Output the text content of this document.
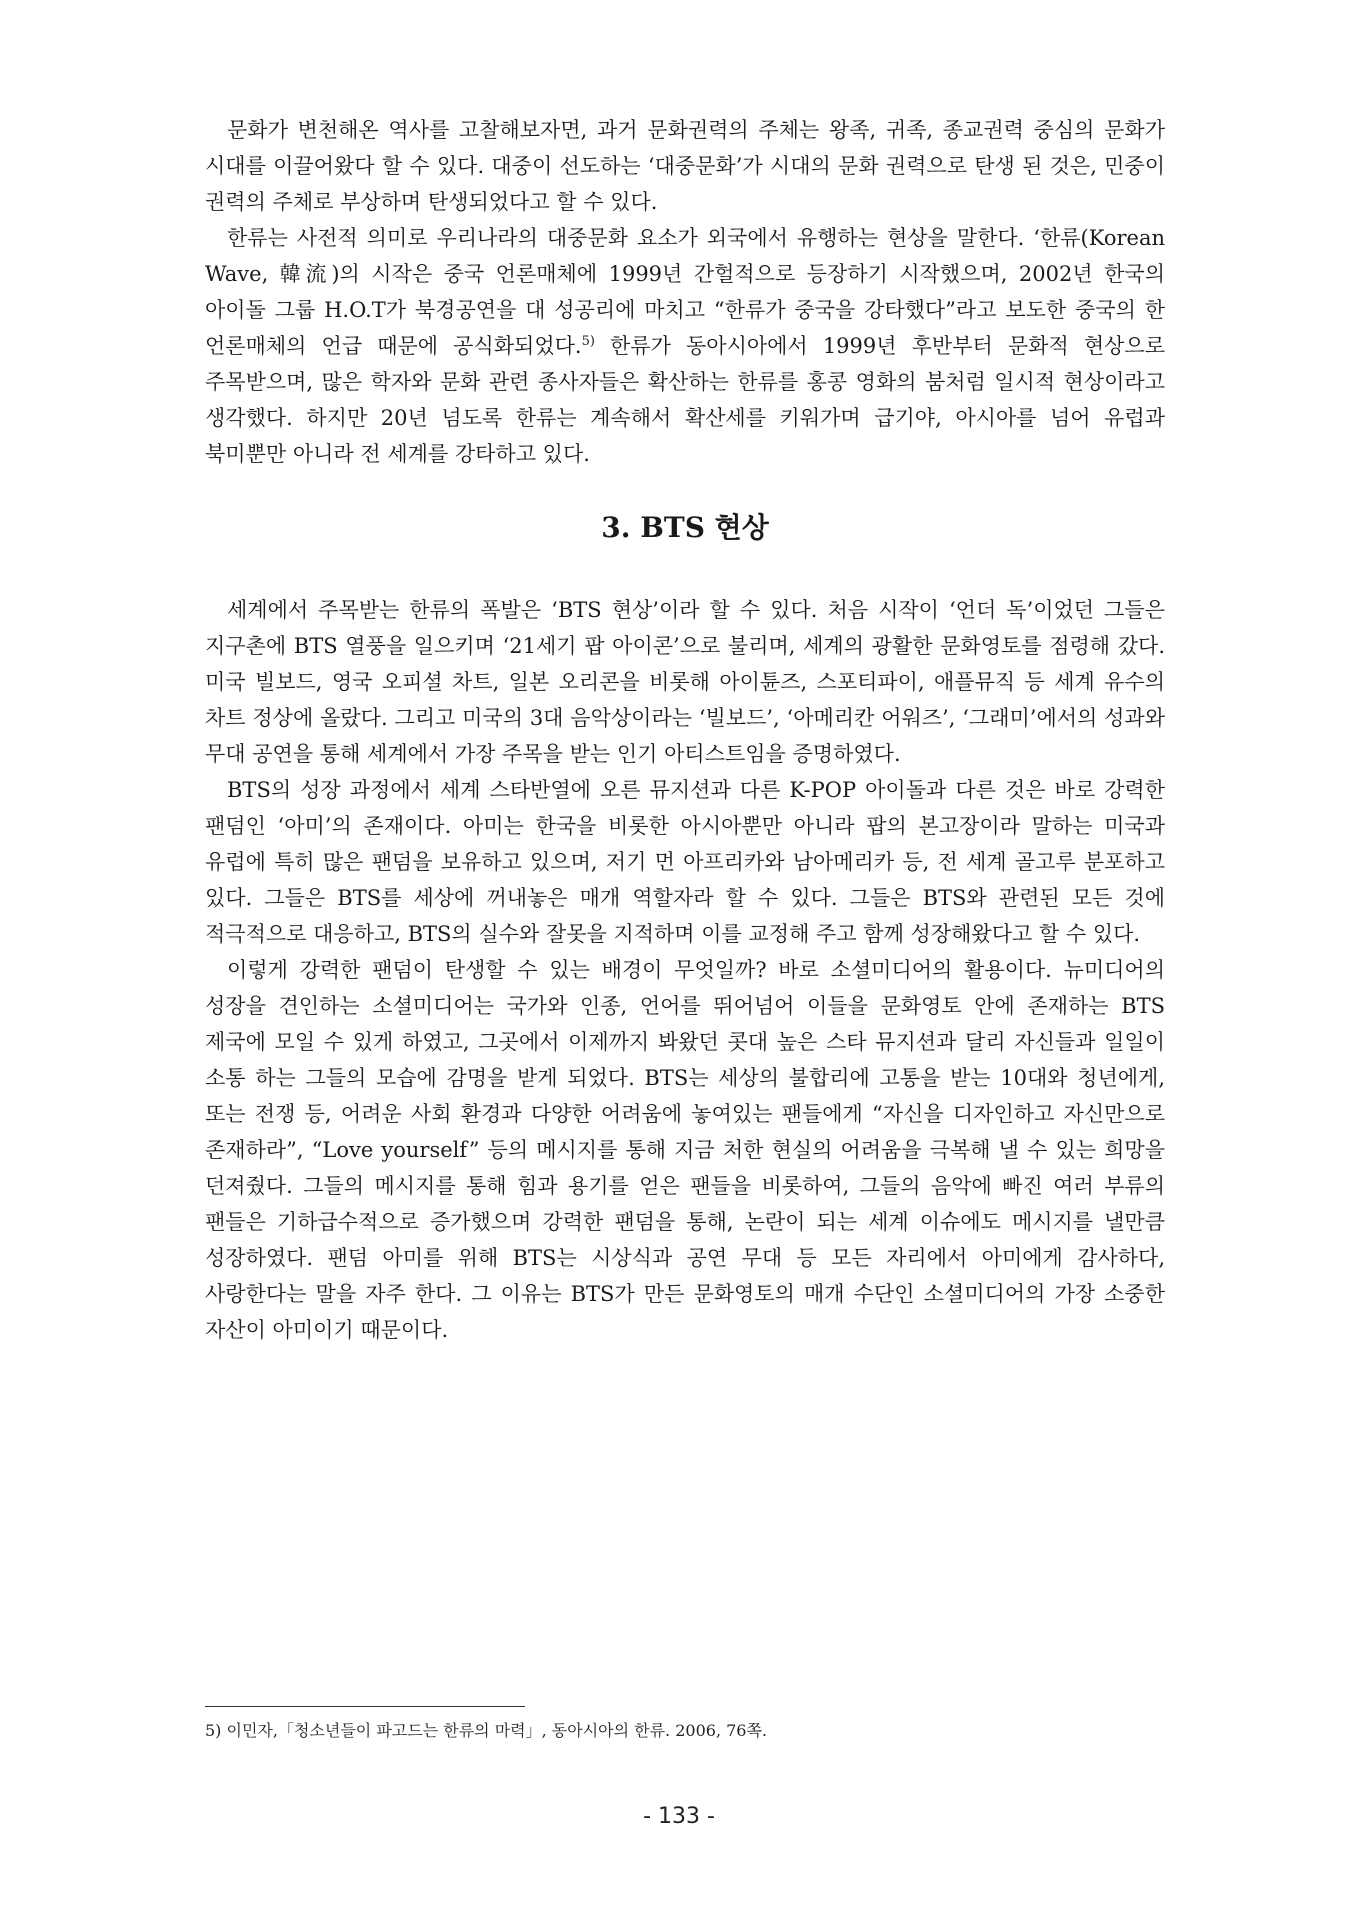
문화가 변천해온 역사를 고찰해보자면, 과거 문화권력의 주체는 왕족, 귀족, 종교권력 중심의 문화가 시대를 이끌어왔다 할 수 있다. 대중이 선도하는 ‘대중문화’가 시대의 문화 권력으로 탄생 된 것은, 민중이 권력의 주체로 부상하며 탄생되었다고 할 수 있다.

한류는 사전적 의미로 우리나라의 대중문화 요소가 외국에서 유행하는 현상을 말한다. ‘한류(Korean Wave, 韓流)의 시작은 중국 언론매체에 1999년 간헐적으로 등장하기 시작했으며, 2002년 한국의 아이돌 그룹 H.O.T가 북경공연을 대 성공리에 마치고 “한류가 중국을 강타했다”라고 보도한 중국의 한 언론매체의 언급 때문에 공식화되었다.$^{5)}$ 한류가 동아시아에서 1999년 후반부터 문화적 현상으로 주목받으며, 많은 학자와 문화 관련 종사자들은 확산하는 한류를 홍콩 영화의 붐처럼 일시적 현상이라고 생각했다. 하지만 20년 넘도록 한류는 계속해서 확산세를 키워가며 급기야, 아시아를 넘어 유럽과 북미뿐만 아니라 전 세계를 강타하고 있다.

3. BTS 현상

세계에서 주목받는 한류의 폭발은 ‘BTS 현상’이라 할 수 있다. 처음 시작이 ‘언더 독’이었던 그들은 지구촌에 BTS 열풍을 일으키며 ‘21세기 팝 아이콘’으로 불리며, 세계의 광활한 문화영토를 점령해 갔다. 미국 빌보드, 영국 오피셜 차트, 일본 오리콘을 비롯해 아이튠즈, 스포티파이, 애플뮤직 등 세계 유수의 차트 정상에 올랐다. 그리고 미국의 3대 음악상이라는 ‘빌보드’, ‘아메리칸 어워즈’, ‘그래미’에서의 성과와 무대 공연을 통해 세계에서 가장 주목을 받는 인기 아티스트임을 증명하였다.

BTS의 성장 과정에서 세계 스타반열에 오른 뮤지션과 다른 K-POP 아이돌과 다른 것은 바로 강력한 팬덤인 ‘아미’의 존재이다. 아미는 한국을 비롯한 아시아뿐만 아니라 팝의 본고장이라 말하는 미국과 유럽에 특히 많은 팬덤을 보유하고 있으며, 저기 먼 아프리카와 남아메리카 등, 전 세계 골고루 분포하고 있다. 그들은 BTS를 세상에 꺼내놓은 매개 역할자라 할 수 있다. 그들은 BTS와 관련된 모든 것에 적극적으로 대응하고, BTS의 실수와 잘못을 지적하며 이를 교정해 주고 함께 성장해왔다고 할 수 있다.

이렇게 강력한 팬덤이 탄생할 수 있는 배경이 무엇일까? 바로 소셜미디어의 활용이다. 뉴미디어의 성장을 견인하는 소셜미디어는 국가와 인종, 언어를 뛰어넘어 이들을 문화영토 안에 존재하는 BTS 제국에 모일 수 있게 하였고, 그곳에서 이제까지 봐왔던 콧대 높은 스타 뮤지션과 달리 자신들과 일일이 소통 하는 그들의 모습에 감명을 받게 되었다. BTS는 세상의 불합리에 고통을 받는 10대와 청년에게, 또는 전쟁 등, 어려운 사회 환경과 다양한 어려움에 놓여있는 팬들에게 “자신을 디자인하고 자신만으로 존재하라”, “Love yourself” 등의 메시지를 통해 지금 처한 현실의 어려움을 극복해 낼 수 있는 희망을 던져줬다. 그들의 메시지를 통해 힘과 용기를 얻은 팬들을 비롯하여, 그들의 음악에 빠진 여러 부류의 팬들은 기하급수적으로 증가했으며 강력한 팬덤을 통해, 논란이 되는 세계 이슈에도 메시지를 낼만큼 성장하였다. 팬덤 아미를 위해 BTS는 시상식과 공연 무대 등 모든 자리에서 아미에게 감사하다, 사랑한다는 말을 자주 한다. 그 이유는 BTS가 만든 문화영토의 매개 수단인 소셜미디어의 가장 소중한 자산이 아미이기 때문이다.

5) 이민자,「청소년들이 파고드는 한류의 마력」, 동아시아의 한류. 2006, 76쪽.
- 133 -
